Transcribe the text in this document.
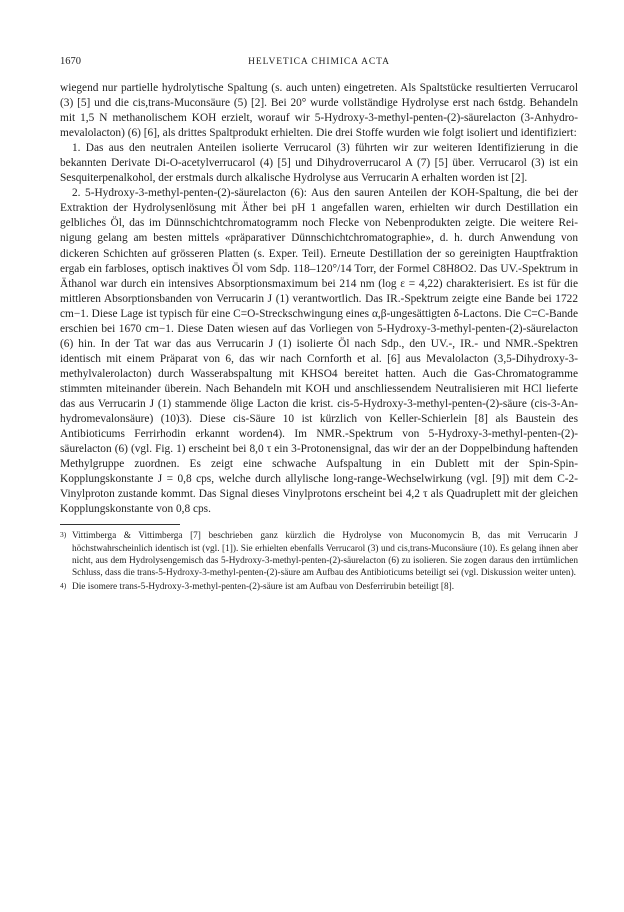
1670	HELVETICA CHIMICA ACTA

wiegend nur partielle hydrolytische Spaltung (s. auch unten) eingetreten. Als Spaltstücke resultierten Verrucarol (3) [5] und die cis,trans-Muconsäure (5) [2]. Bei 20° wurde vollständige Hydrolyse erst nach 6stdg. Behandeln mit 1,5 N methanolischem KOH erzielt, worauf wir 5-Hydroxy-3-methyl-penten-(2)-säurelacton (3-Anhydromevalolacton) (6) [6], als drittes Spaltprodukt erhielten. Die drei Stoffe wurden wie folgt isoliert und identifiziert:

1. Das aus den neutralen Anteilen isolierte Verrucarol (3) führten wir zur weiteren Identifizierung in die bekannten Derivate Di-O-acetylverrucarol (4) [5] und Dihydroverrucarol A (7) [5] über. Verrucarol (3) ist ein Sesquiterpenalkohol, der erstmals durch alkalische Hydrolyse aus Verrucarin A erhalten worden ist [2].

2. 5-Hydroxy-3-methyl-penten-(2)-säurelacton (6): Aus den sauren Anteilen der KOH-Spaltung, die bei der Extraktion der Hydrolysenlösung mit Äther bei pH 1 angefallen waren, erhielten wir durch Destillation ein gelbliches Öl, das im Dünnschichtchromatogramm noch Flecke von Nebenprodukten zeigte. Die weitere Reinigung gelang am besten mittels «präparativer Dünnschichtchromatographie», d. h. durch Anwendung von dickeren Schichten auf grösseren Platten (s. Exper. Teil). Erneute Destillation der so gereinigten Hauptfraktion ergab ein farbloses, optisch inaktives Öl vom Sdp. 118–120°/14 Torr, der Formel C8H8O2. Das UV.-Spektrum in Äthanol war durch ein intensives Absorptionsmaximum bei 214 nm (log ε = 4,22) charakterisiert. Es ist für die mittleren Absorptionsbanden von Verrucarin J (1) verantwortlich. Das IR.-Spektrum zeigte eine Bande bei 1722 cm−1. Diese Lage ist typisch für eine C=O-Streckschwingung eines α,β-ungesättigten δ-Lactons. Die C=C-Bande erschien bei 1670 cm−1. Diese Daten wiesen auf das Vorliegen von 5-Hydroxy-3-methyl-penten-(2)-säurelacton (6) hin. In der Tat war das aus Verrucarin J (1) isolierte Öl nach Sdp., den UV.-, IR.- und NMR.-Spektren identisch mit einem Präparat von 6, das wir nach Cornforth et al. [6] aus Mevalolacton (3,5-Dihydroxy-3-methylvalerolacton) durch Wasserabspaltung mit KHSO4 bereitet hatten. Auch die Gas-Chromatogramme stimmten miteinander überein. Nach Behandeln mit KOH und anschliessendem Neutralisieren mit HCl lieferte das aus Verrucarin J (1) stammende ölige Lacton die krist. cis-5-Hydroxy-3-methyl-penten-(2)-säure (cis-3-Anhydromevalonsäure) (10)3). Diese cis-Säure 10 ist kürzlich von Keller-Schierlein [8] als Baustein des Antibioticums Ferrirhodin erkannt worden4). Im NMR.-Spektrum von 5-Hydroxy-3-methyl-penten-(2)-säurelacton (6) (vgl. Fig. 1) erscheint bei 8,0 τ ein 3-Protonensignal, das wir der an der Doppelbindung haftenden Methylgruppe zuordnen. Es zeigt eine schwache Aufspaltung in ein Dublett mit der Spin-Spin-Kopplungskonstante J = 0,8 cps, welche durch allylische long-range-Wechselwirkung (vgl. [9]) mit dem C-2-Vinylproton zustande kommt. Das Signal dieses Vinylprotons erscheint bei 4,2 τ als Quadruplett mit der gleichen Kopplungskonstante von 0,8 cps.

3) Vittimberga & Vittimberga [7] beschrieben ganz kürzlich die Hydrolyse von Muconomycin B, das mit Verrucarin J höchstwahrscheinlich identisch ist (vgl. [1]). Sie erhielten ebenfalls Verrucarol (3) und cis,trans-Muconsäure (10). Es gelang ihnen aber nicht, aus dem Hydrolysengemisch das 5-Hydroxy-3-methyl-penten-(2)-säurelacton (6) zu isolieren. Sie zogen daraus den irrtümlichen Schluss, dass die trans-5-Hydroxy-3-methyl-penten-(2)-säure am Aufbau des Antibioticums beteiligt sei (vgl. Diskussion weiter unten).
4) Die isomere trans-5-Hydroxy-3-methyl-penten-(2)-säure ist am Aufbau von Desferrirubin beteiligt [8].
